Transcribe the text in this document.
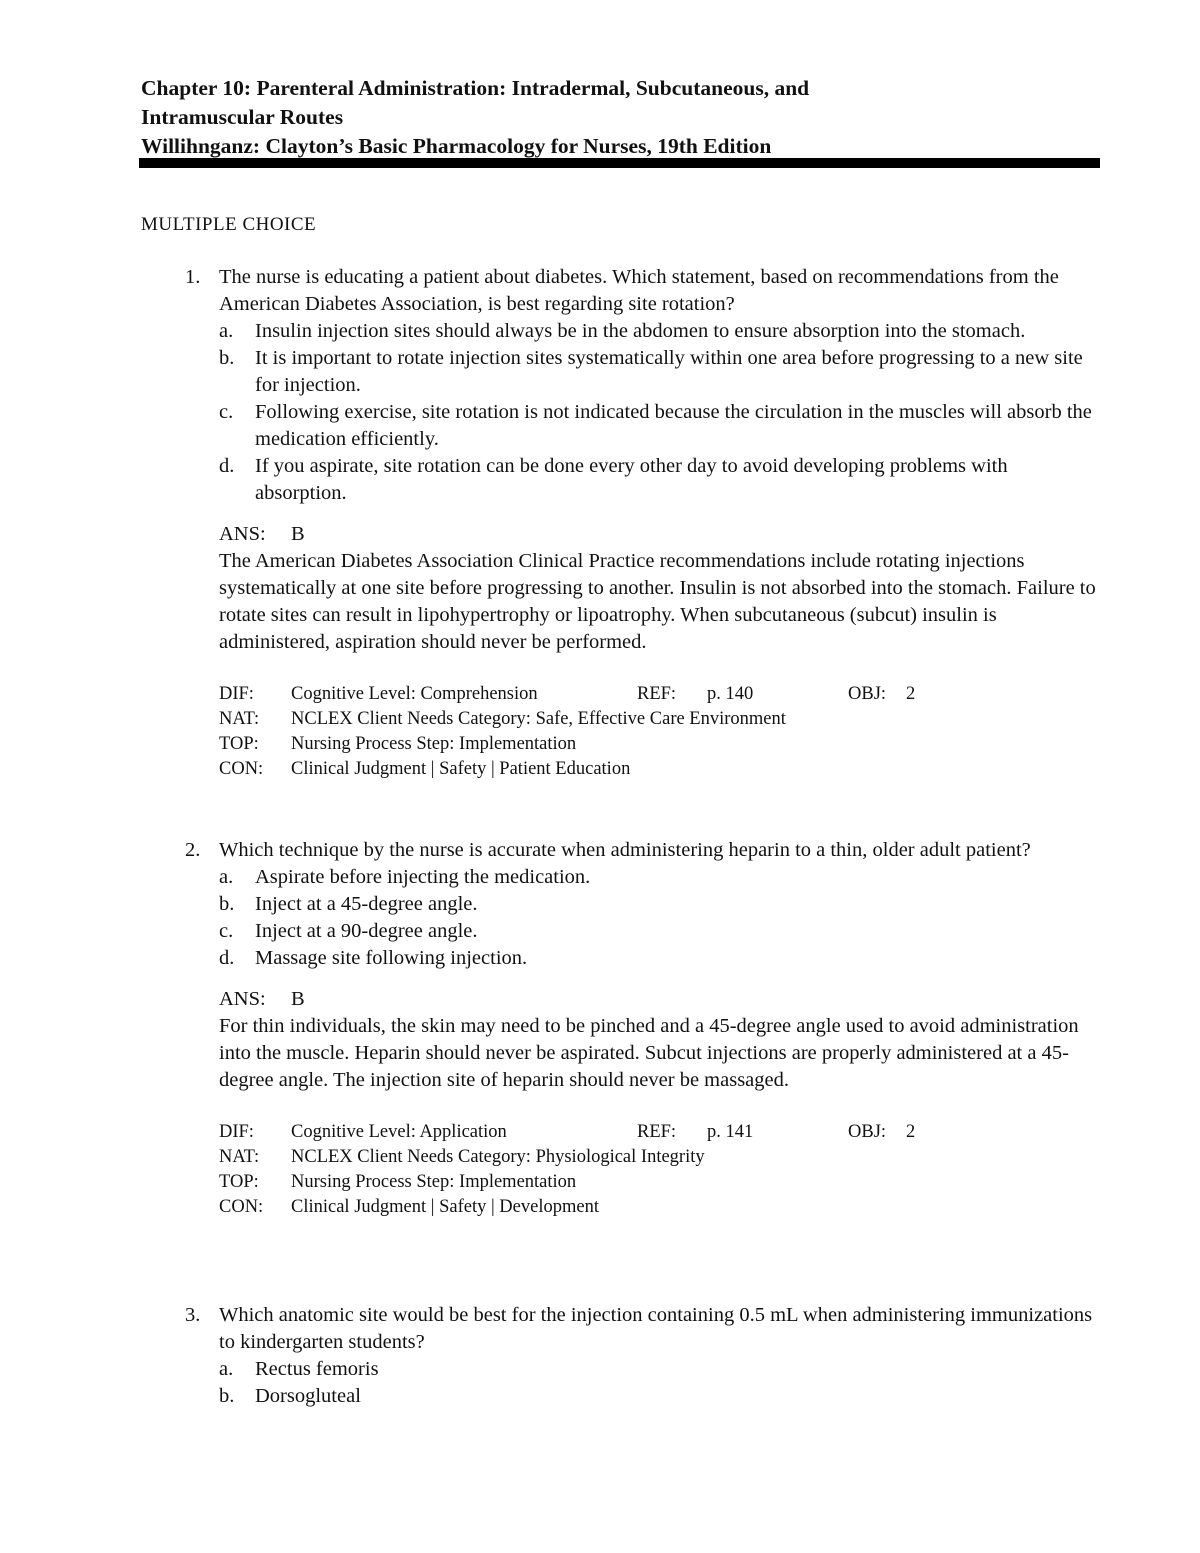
Chapter 10: Parenteral Administration: Intradermal, Subcutaneous, and
Intramuscular Routes
Willihnganz: Clayton’s Basic Pharmacology for Nurses, 19th Edition
MULTIPLE CHOICE
1. The nurse is educating a patient about diabetes. Which statement, based on recommendations from the American Diabetes Association, is best regarding site rotation?
a.	Insulin injection sites should always be in the abdomen to ensure absorption into the stomach.
b.	It is important to rotate injection sites systematically within one area before progressing to a new site for injection.
c.	Following exercise, site rotation is not indicated because the circulation in the muscles will absorb the medication efficiently.
d.	If you aspirate, site rotation can be done every other day to avoid developing problems with absorption.
ANS: B
The American Diabetes Association Clinical Practice recommendations include rotating injections systematically at one site before progressing to another. Insulin is not absorbed into the stomach. Failure to rotate sites can result in lipohypertrophy or lipoatrophy. When subcutaneous (subcut) insulin is administered, aspiration should never be performed.
DIF:	Cognitive Level: Comprehension	REF:	p. 140	OBJ:	2
NAT:	NCLEX Client Needs Category: Safe, Effective Care Environment
TOP:	Nursing Process Step: Implementation
CON:	Clinical Judgment | Safety | Patient Education
2. Which technique by the nurse is accurate when administering heparin to a thin, older adult patient?
a.	Aspirate before injecting the medication.
b.	Inject at a 45-degree angle.
c.	Inject at a 90-degree angle.
d.	Massage site following injection.
ANS: B
For thin individuals, the skin may need to be pinched and a 45-degree angle used to avoid administration into the muscle. Heparin should never be aspirated. Subcut injections are properly administered at a 45-degree angle. The injection site of heparin should never be massaged.
DIF:	Cognitive Level: Application	REF:	p. 141	OBJ:	2
NAT:	NCLEX Client Needs Category: Physiological Integrity
TOP:	Nursing Process Step: Implementation
CON:	Clinical Judgment | Safety | Development
3. Which anatomic site would be best for the injection containing 0.5 mL when administering immunizations to kindergarten students?
a.	Rectus femoris
b.	Dorsogluteal
